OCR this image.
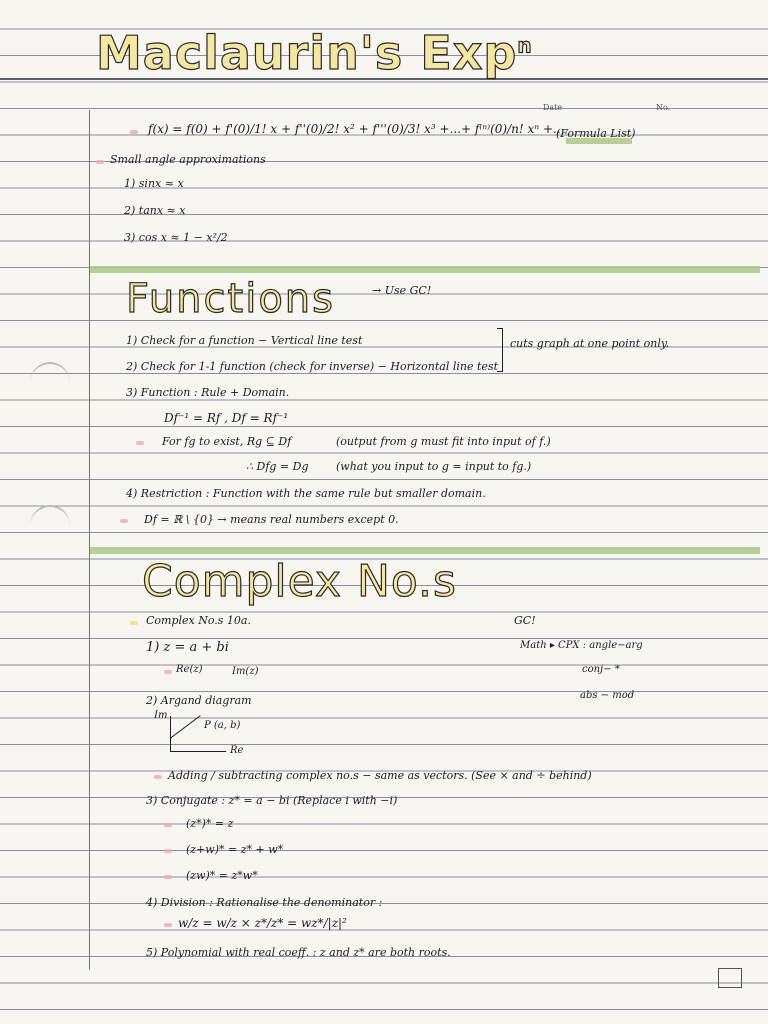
Maclaurin's Exp$^n$
Date	No.
f(x) = f(0) + f'(0)/1! x + f''(0)/2! x² + f'''(0)/3! x³ +...+ f⁽ⁿ⁾(0)/n! xⁿ +..
(Formula List)
Small angle approximations
1) sinx ≈ x
2) tanx ≈ x
3) cos x ≈ 1 − x²/2
Functions	→ Use GC!
1) Check for a function − Vertical line test
2) Check for 1-1 function (check for inverse) − Horizontal line test
cuts graph at one point only.
3) Function : Rule + Domain.
Df⁻¹ = Rf , Df = Rf⁻¹
For fg to exist, Rg ⊆ Df	(output from g must fit into input of f.)
∴ Dfg = Dg	(what you input to g = input to fg.)
4) Restriction : Function with the same rule but smaller domain.
Df = ℝ \ {0} → means real numbers except 0.
Complex No.s
Complex No.s 10a.	GC!
Math ▸ CPX : angle−arg
conj− *
abs − mod
1) z = a + bi
Re(z)	Im(z)
2) Argand diagram
Im
Re
P (a, b)
Adding / subtracting complex no.s − same as vectors. (See × and ÷ behind)
3) Conjugate : z* = a − bi (Replace i with −i)
(z*)* = z
(z+w)* = z* + w*
(zw)* = z*w*
4) Division : Rationalise the denominator :
w/z = w/z × z*/z* = wz*/|z|²
5) Polynomial with real coeff. : z and z* are both roots.
